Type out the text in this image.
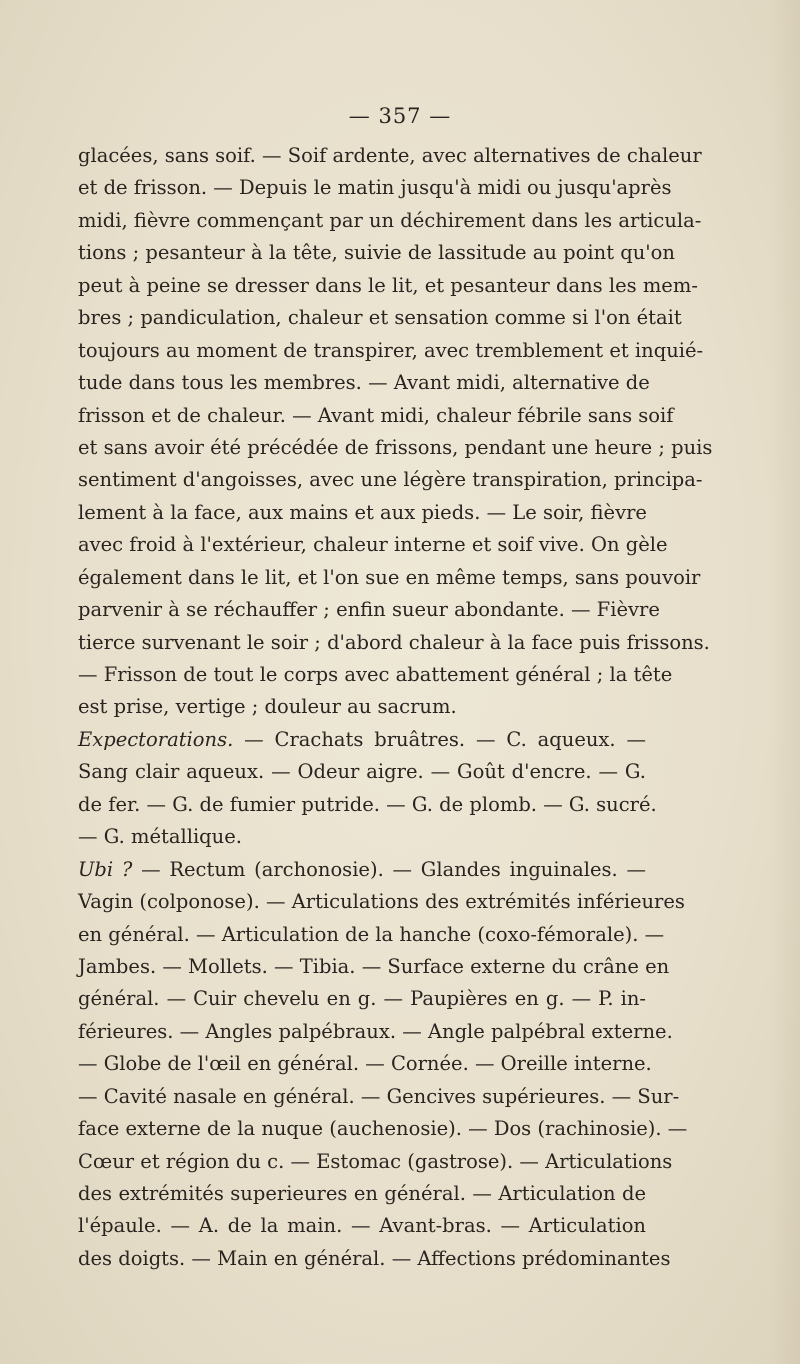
— 357 —
glacées, sans soif. — Soif ardente, avec alternatives de chaleur
et de frisson. — Depuis le matin jusqu'à midi ou jusqu'après
midi, fièvre commençant par un déchirement dans les articula-
tions ; pesanteur à la tête, suivie de lassitude au point qu'on
peut à peine se dresser dans le lit, et pesanteur dans les mem-
bres ; pandiculation, chaleur et sensation comme si l'on était
toujours au moment de transpirer, avec tremblement et inquié-
tude dans tous les membres. — Avant midi, alternative de
frisson et de chaleur. — Avant midi, chaleur fébrile sans soif
et sans avoir été précédée de frissons, pendant une heure ; puis
sentiment d'angoisses, avec une légère transpiration, principa-
lement à la face, aux mains et aux pieds. — Le soir, fièvre
avec froid à l'extérieur, chaleur interne et soif vive. On gèle
également dans le lit, et l'on sue en même temps, sans pouvoir
parvenir à se réchauffer ; enfin sueur abondante. — Fièvre
tierce survenant le soir ; d'abord chaleur à la face puis frissons.
— Frisson de tout le corps avec abattement général ; la tête
est prise, vertige ; douleur au sacrum.
Expectorations. — Crachats bruâtres. — C. aqueux. —
Sang clair aqueux. — Odeur aigre. — Goût d'encre. — G.
de fer. — G. de fumier putride. — G. de plomb. — G. sucré.
— G. métallique.
Ubi ? — Rectum (archonosie). — Glandes inguinales. —
Vagin (colponose). — Articulations des extrémités inférieures
en général. — Articulation de la hanche (coxo-fémorale). —
Jambes. — Mollets. — Tibia. — Surface externe du crâne en
général. — Cuir chevelu en g. — Paupières en g. — P. in-
férieures. — Angles palpébraux. — Angle palpébral externe.
— Globe de l'œil en général. — Cornée. — Oreille interne.
— Cavité nasale en général. — Gencives supérieures. — Sur-
face externe de la nuque (auchenosie). — Dos (rachinosie). —
Cœur et région du c. — Estomac (gastrose). — Articulations
des extrémités superieures en général. — Articulation de
l'épaule. — A. de la main. — Avant-bras. — Articulation
des doigts. — Main en général. — Affections prédominantes
